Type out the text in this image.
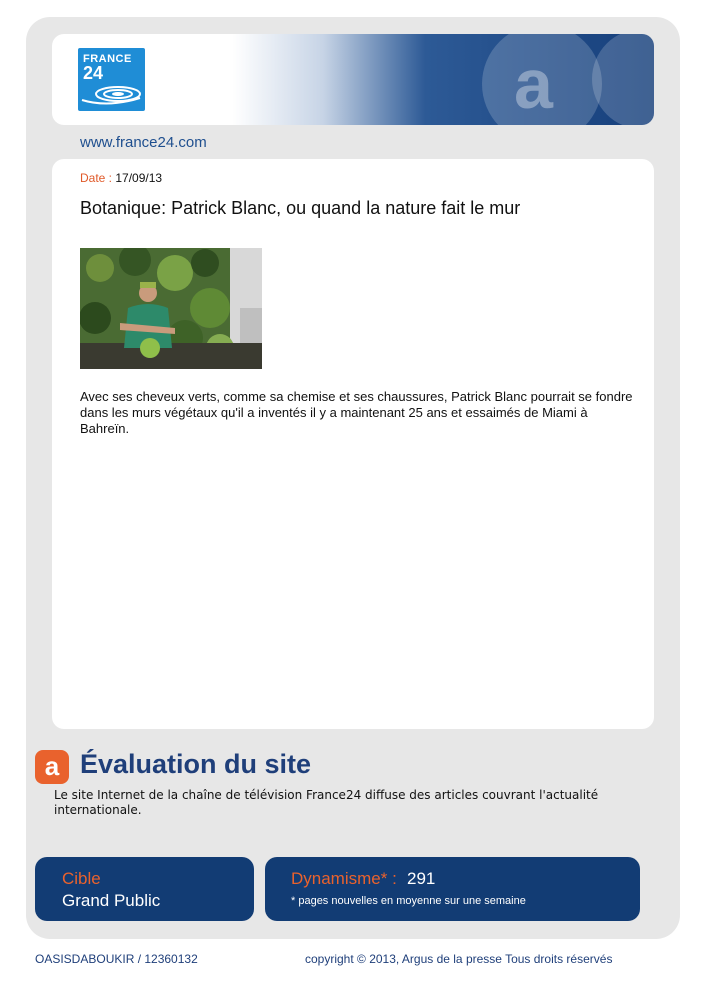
a
FRANCE
24
www.france24.com
Date : 17/09/13
Botanique: Patrick Blanc, ou quand la nature fait le mur
Avec ses cheveux verts, comme sa chemise et ses chaussures, Patrick Blanc pourrait se fondre dans les murs végétaux qu'il a inventés il y a maintenant 25 ans et essaimés de Miami à Bahreïn.
a Évaluation du site
Le site Internet de la chaîne de télévision France24 diffuse des articles couvrant l'actualité internationale.
Cible
Grand Public
Dynamisme* : 291
* pages nouvelles en moyenne sur une semaine
OASISDABOUKIR / 12360132	copyright © 2013, Argus de la presse Tous droits réservés
